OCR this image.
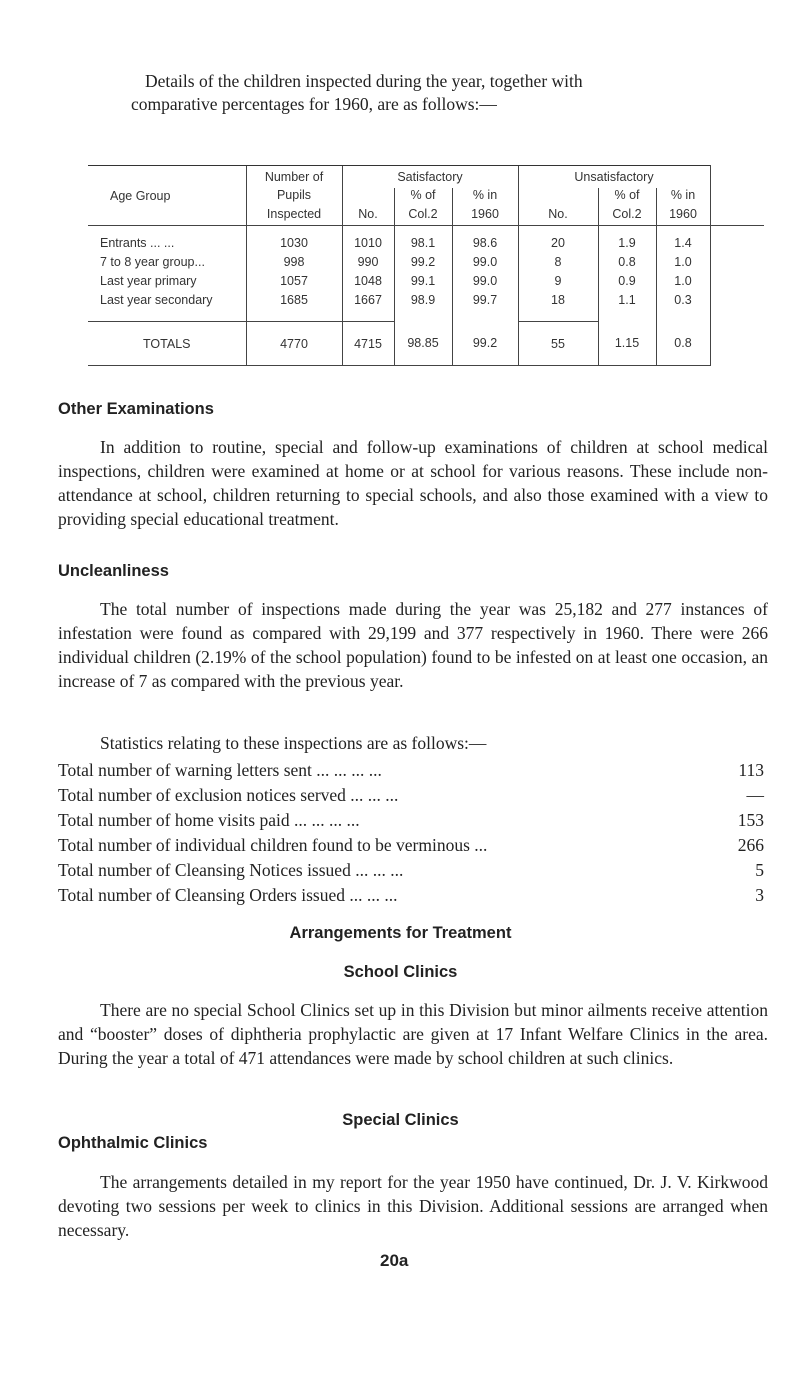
Details of the children inspected during the year, together with
comparative percentages for 1960, are as follows:—
Age Group	Number of	Satisfactory			Unsatisfactory			
	Pupils	No.	% of	% in	No.	% of	% in	
	Inspected		Col.2	1960		Col.2	1960	

Entrants ... ...	1030	1010	98.1	98.6	20	1.9	1.4	
7 to 8 year group...	998	990	99.2	99.0	8	0.8	1.0	
Last year primary	1057	1048	99.1	99.0	9	0.9	1.0	
Last year secondary	1685	1667	98.9	99.7	18	1.1	0.3	

TOTALS	4770	4715	98.85	99.2	55	1.15	0.8	
Other Examinations
In addition to routine, special and follow-up examinations of children at school medical inspections, children were examined at home or at school for various reasons. These include non-attendance at school, children returning to special schools, and also those examined with a view to providing special educational treatment.
Uncleanliness
The total number of inspections made during the year was 25,182 and 277 instances of infestation were found as compared with 29,199 and 377 respectively in 1960. There were 266 individual children (2.19% of the school population) found to be infested on at least one occasion, an increase of 7 as compared with the previous year.
Statistics relating to these inspections are as follows:—
Total number of warning letters sent ... ... ... ...	113
Total number of exclusion notices served ... ... ...	—
Total number of home visits paid ... ... ... ...	153
Total number of individual children found to be verminous ...	266
Total number of Cleansing Notices issued ... ... ...	5
Total number of Cleansing Orders issued ... ... ...	3
Arrangements for Treatment
School Clinics
There are no special School Clinics set up in this Division but minor ailments receive attention and “booster” doses of diphtheria prophylactic are given at 17 Infant Welfare Clinics in the area. During the year a total of 471 attendances were made by school children at such clinics.
Special Clinics
Ophthalmic Clinics
The arrangements detailed in my report for the year 1950 have continued, Dr. J. V. Kirkwood devoting two sessions per week to clinics in this Division. Additional sessions are arranged when necessary.
20a
